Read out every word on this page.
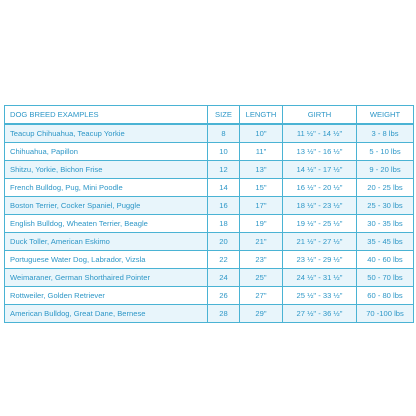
DOG BREED EXAMPLES	SIZE	LENGTH	GIRTH	WEIGHT
Teacup Chihuahua, Teacup Yorkie	8	10"	11 ½" - 14 ½"	3 - 8 lbs
Chihuahua, Papillon	10	11"	13 ½" - 16 ½"	5 - 10 lbs
Shitzu, Yorkie, Bichon Frise	12	13"	14 ½" - 17 ½"	9 - 20 lbs
French Bulldog, Pug, Mini Poodle	14	15"	16 ½" - 20 ½"	20 - 25 lbs
Boston Terrier, Cocker Spaniel, Puggle	16	17"	18 ½" - 23 ½"	25 - 30 lbs
English Bulldog, Wheaten Terrier, Beagle	18	19"	19 ½" - 25 ½"	30 - 35 lbs
Duck Toller, American Eskimo	20	21"	21 ½" - 27 ½"	35 - 45 lbs
Portuguese Water Dog, Labrador, Vizsla	22	23"	23 ½" - 29 ½"	40 - 60 lbs
Weimaraner, German Shorthaired Pointer	24	25"	24 ½" - 31 ½"	50 - 70 lbs
Rottweiler, Golden Retriever	26	27"	25 ½" - 33 ½"	60 - 80 lbs
American Bulldog, Great Dane, Bernese	28	29"	27 ½" - 36 ½"	70 -100 lbs
